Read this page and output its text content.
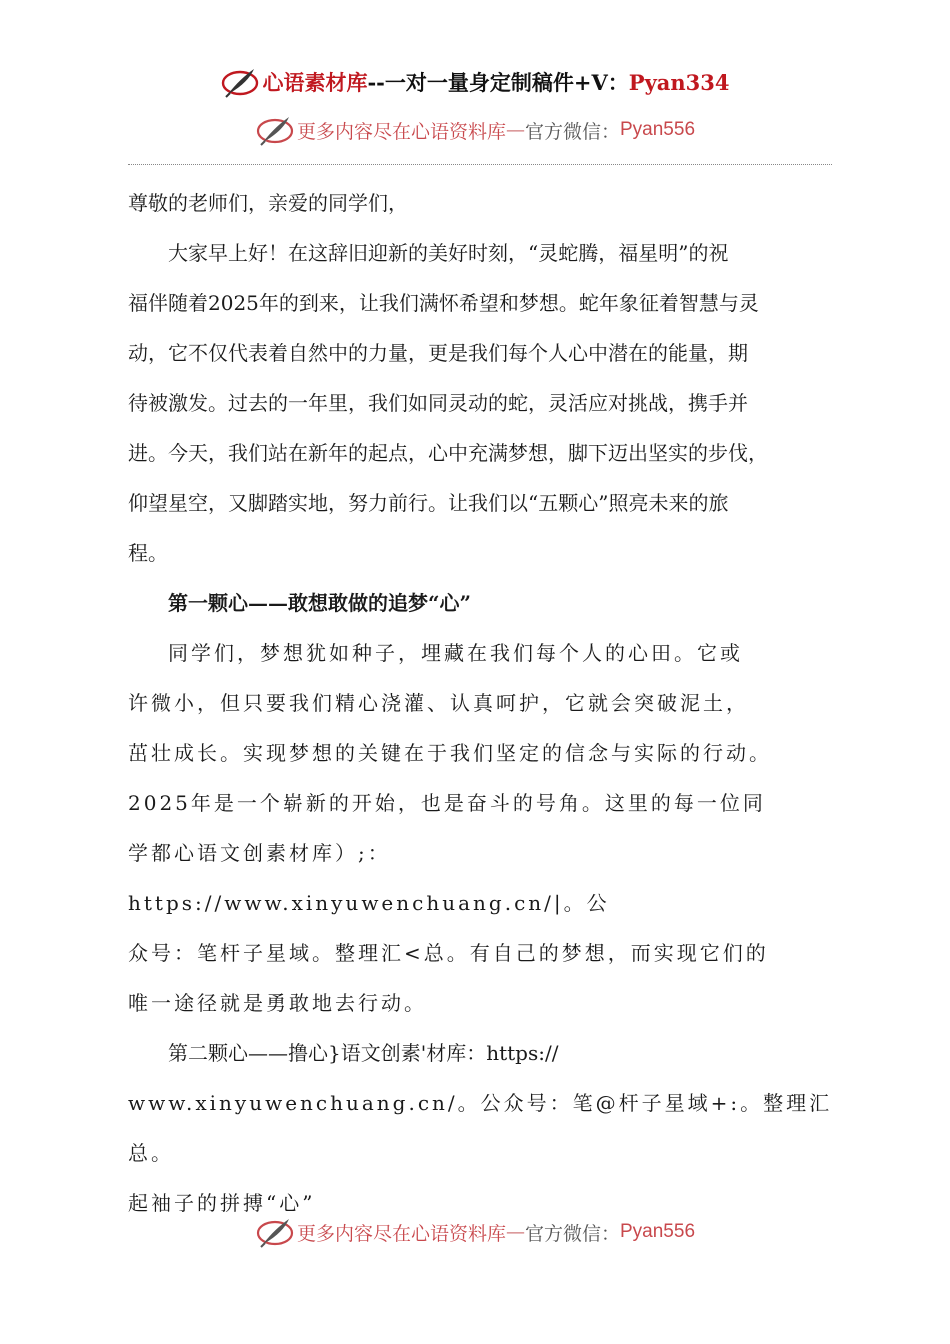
心语素材库 --一对一量身定制稿件+V： Pyan334
更多内容尽在心语资料库 — 官方微信： Pyan556

尊敬的老师们，亲爱的同学们，

大家早上好！在这辞旧迎新的美好时刻，“灵蛇腾，福星明”的祝

福伴随着2025年的到来，让我们满怀希望和梦想。蛇年象征着智慧与灵

动，它不仅代表着自然中的力量，更是我们每个人心中潜在的能量，期

待被激发。过去的一年里，我们如同灵动的蛇，灵活应对挑战，携手并

进。今天，我们站在新年的起点，心中充满梦想，脚下迈出坚实的步伐，

仰望星空，又脚踏实地，努力前行。让我们以“五颗心”照亮未来的旅

程。

第一颗心——敢想敢做的追梦“心”

同学们，梦想犹如种子，埋藏在我们每个人的心田。它或

许微小，但只要我们精心浇灌、认真呵护，它就会突破泥土，

茁壮成长。实现梦想的关键在于我们坚定的信念与实际的行动。

2025年是一个崭新的开始，也是奋斗的号角。这里的每一位同

学都心语文创素材库）;：https://www.xinyuwenchuang.cn/|。公

众号：笔杆子星域。整理汇<总。有自己的梦想，而实现它们的

唯一途径就是勇敢地去行动。

第二颗心——撸心}语文创素'材库：https://

www.xinyuwenchuang.cn/。公众号：笔@杆子星域+:。整理汇总。

起袖子的拼搏“心”

更多内容尽在心语资料库 — 官方微信： Pyan556
